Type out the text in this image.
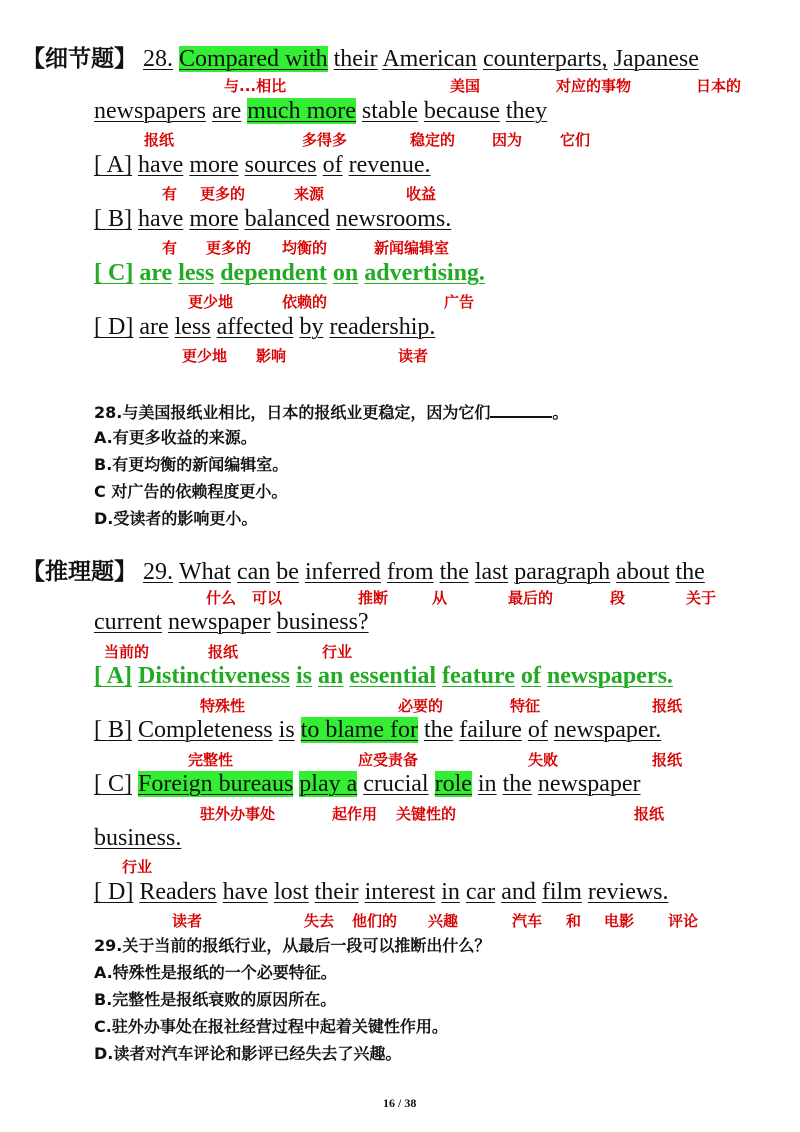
【细节题】 28. Compared with their American counterparts, Japanese
与...相比	美国	对应的事物	日本的
newspapers are much more stable because they
报纸	多得多	稳定的 因为	它们
[ A] have more sources of revenue.
有 更多的	来源	收益
[ B] have more balanced newsrooms.
有 更多的 均衡的	新闻编辑室
[ C] are less dependent on advertising.
更少地	依赖的	广告
[ D] are less affected by readership.
更少地 影响	读者
28.与美国报纸业相比，日本的报纸业更稳定，因为它们	。
A.有更多收益的来源。
B.有更均衡的新闻编辑室。
C 对广告的依赖程度更小。
D.受读者的影响更小。
【推理题】 29. What can be inferred from the last paragraph about the
什么 可以	推断	从	最后的	段	关于
current newspaper business?
当前的	报纸	行业
[ A] Distinctiveness is an essential feature of newspapers.
特殊性	必要的	特征	报纸
[ B] Completeness is to blame for the failure of newspaper.
完整性	应受责备	失败	报纸
[ C] Foreign bureaus play a crucial role in the newspaper
驻外办事处	起作用 关键性的	报纸
business.
行业
[ D] Readers have lost their interest in car and film reviews.
读者	失去 他们的 兴趣	汽车 和 电影 评论
29.关于当前的报纸行业，从最后一段可以推断出什么？
A.特殊性是报纸的一个必要特征。
B.完整性是报纸衰败的原因所在。
C.驻外办事处在报社经营过程中起着关键性作用。
D.读者对汽车评论和影评已经失去了兴趣。
16 / 38
